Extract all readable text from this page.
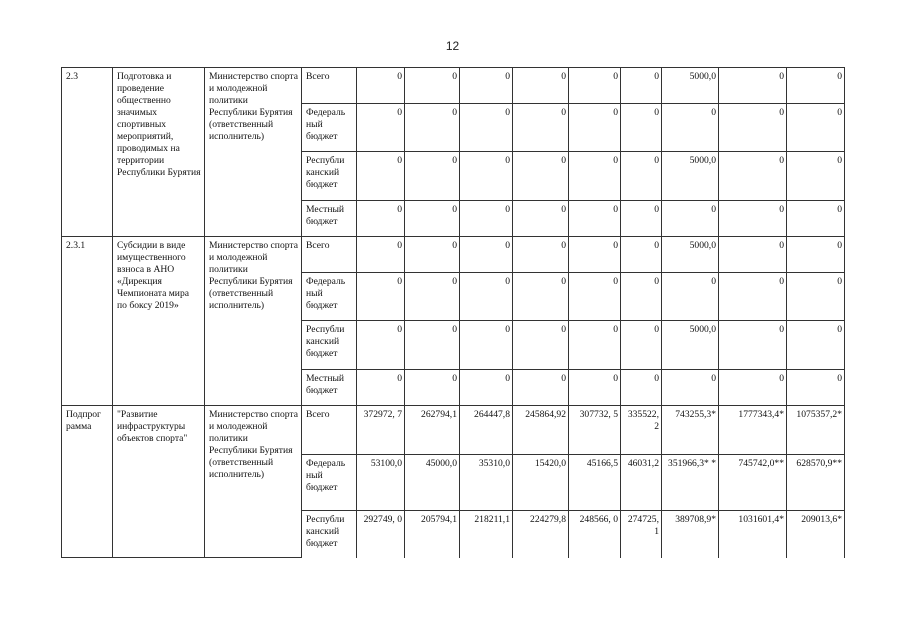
12
2.3	Подготовка и проведение общественно значимых спортивных мероприятий, проводимых на территории Республики Бурятия	Министерство спорта и молодежной политики Республики Бурятия (ответственный исполнитель)	Всего	0	0	0	0	0	0	5000,0	0	0
			Федераль ный бюджет	0	0	0	0	0	0	0	0	0
			Республи канский бюджет	0	0	0	0	0	0	5000,0	0	0
			Местный бюджет	0	0	0	0	0	0	0	0	0
2.3.1	Субсидии в виде имущественного взноса в АНО «Дирекция Чемпионата мира по боксу 2019»	Министерство спорта и молодежной политики Республики Бурятия (ответственный исполнитель)	Всего	0	0	0	0	0	0	5000,0	0	0
			Федераль ный бюджет	0	0	0	0	0	0	0	0	0
			Республи канский бюджет	0	0	0	0	0	0	5000,0	0	0
			Местный бюджет	0	0	0	0	0	0	0	0	0
Подпрог рамма	"Развитие инфраструктуры объектов спорта"	Министерство спорта и молодежной политики Республики Бурятия (ответственный исполнитель)	Всего	372972, 7	262794,1	264447,8	245864,92	307732, 5	335522, 2	743255,3*	1777343,4*	1075357,2*
			Федераль ный бюджет	53100,0	45000,0	35310,0	15420,0	45166,5	46031,2	351966,3* *	745742,0**	628570,9**
			Республи канский бюджет	292749, 0	205794,1	218211,1	224279,8	248566, 0	274725, 1	389708,9*	1031601,4*	209013,6*
